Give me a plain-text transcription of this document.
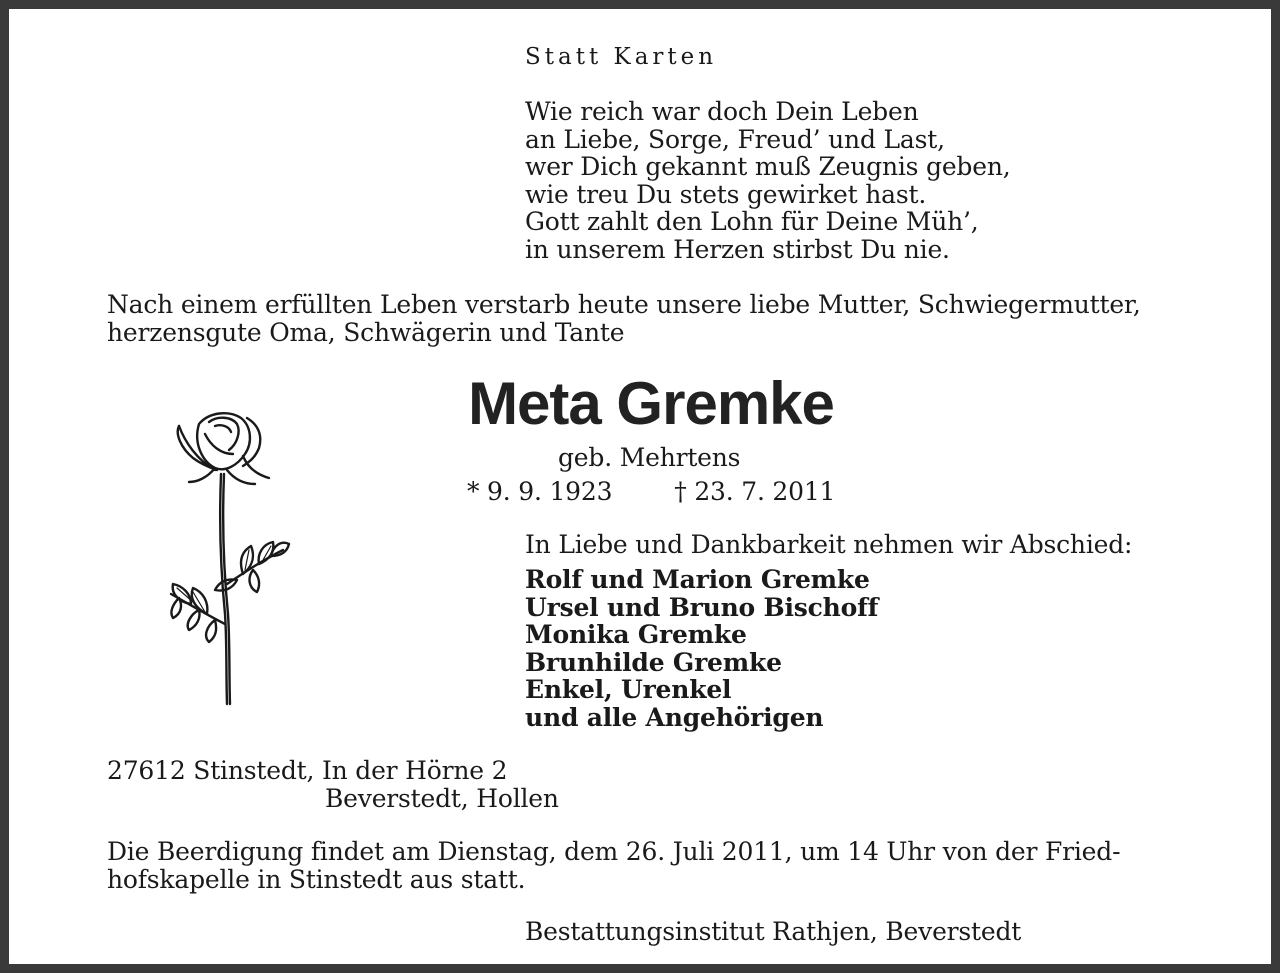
Statt Karten
Wie reich war doch Dein Leben
an Liebe, Sorge, Freud’ und Last,
wer Dich gekannt muß Zeugnis geben,
wie treu Du stets gewirket hast.
Gott zahlt den Lohn für Deine Müh’,
in unserem Herzen stirbst Du nie.
Nach einem erfüllten Leben verstarb heute unsere liebe Mutter, Schwiegermutter,
herzensgute Oma, Schwägerin und Tante
Meta Gremke
geb. Mehrtens
* 9. 9. 1923 † 23. 7. 2011
In Liebe und Dankbarkeit nehmen wir Abschied:
Rolf und Marion Gremke
Ursel und Bruno Bischoff
Monika Gremke
Brunhilde Gremke
Enkel, Urenkel
und alle Angehörigen
27612 Stinstedt, In der Hörne 2
Beverstedt, Hollen
Die Beerdigung findet am Dienstag, dem 26. Juli 2011, um 14 Uhr von der Fried-
hofskapelle in Stinstedt aus statt.
Bestattungsinstitut Rathjen, Beverstedt
